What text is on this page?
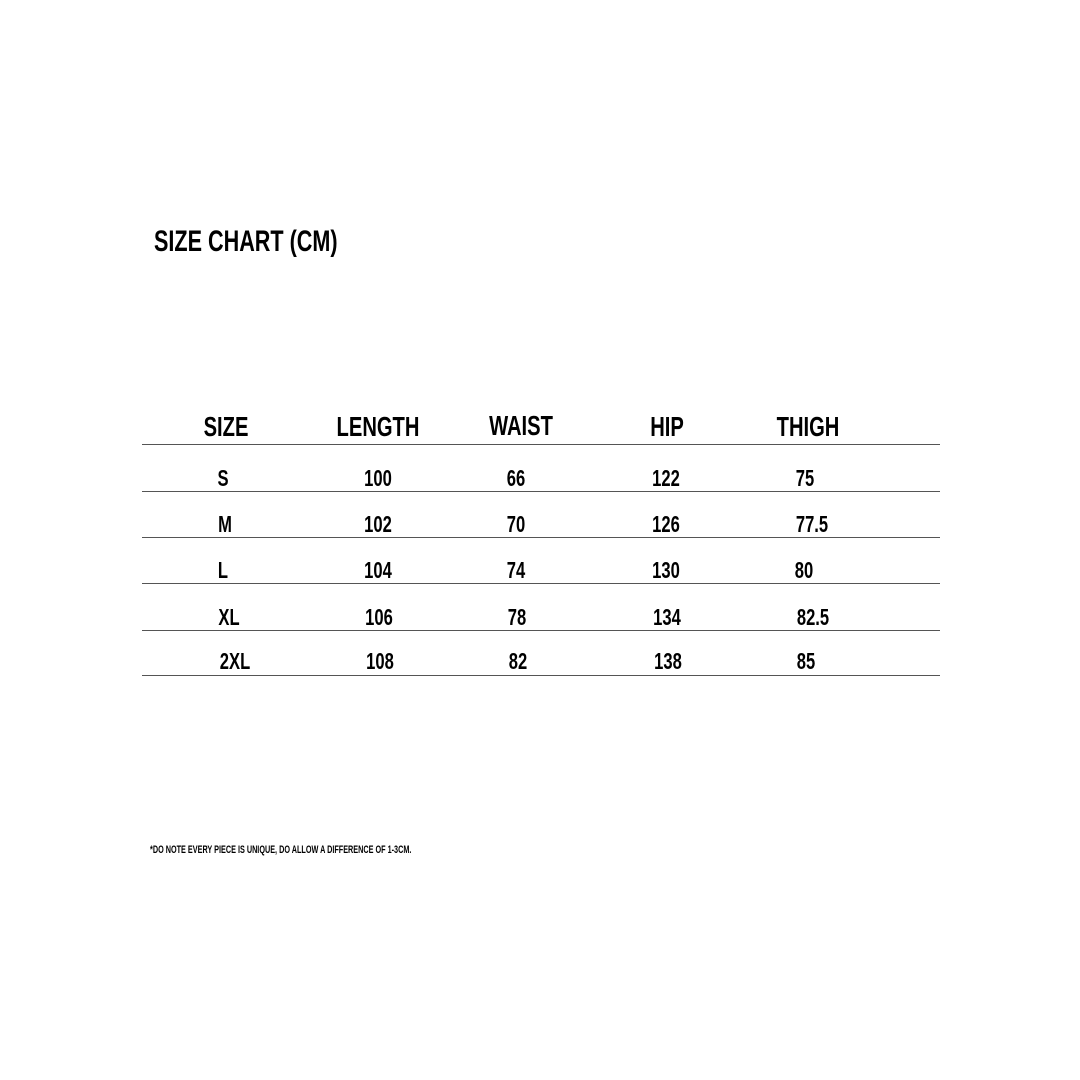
SIZE CHART (CM)
SIZE	LENGTH	WAIST	HIP	THIGH
S	100	66	122	75
M	102	70	126	77.5
L	104	74	130	80
XL	106	78	134	82.5
2XL	108	82	138	85
*DO NOTE EVERY PIECE IS UNIQUE, DO ALLOW A DIFFERENCE OF 1-3CM.
